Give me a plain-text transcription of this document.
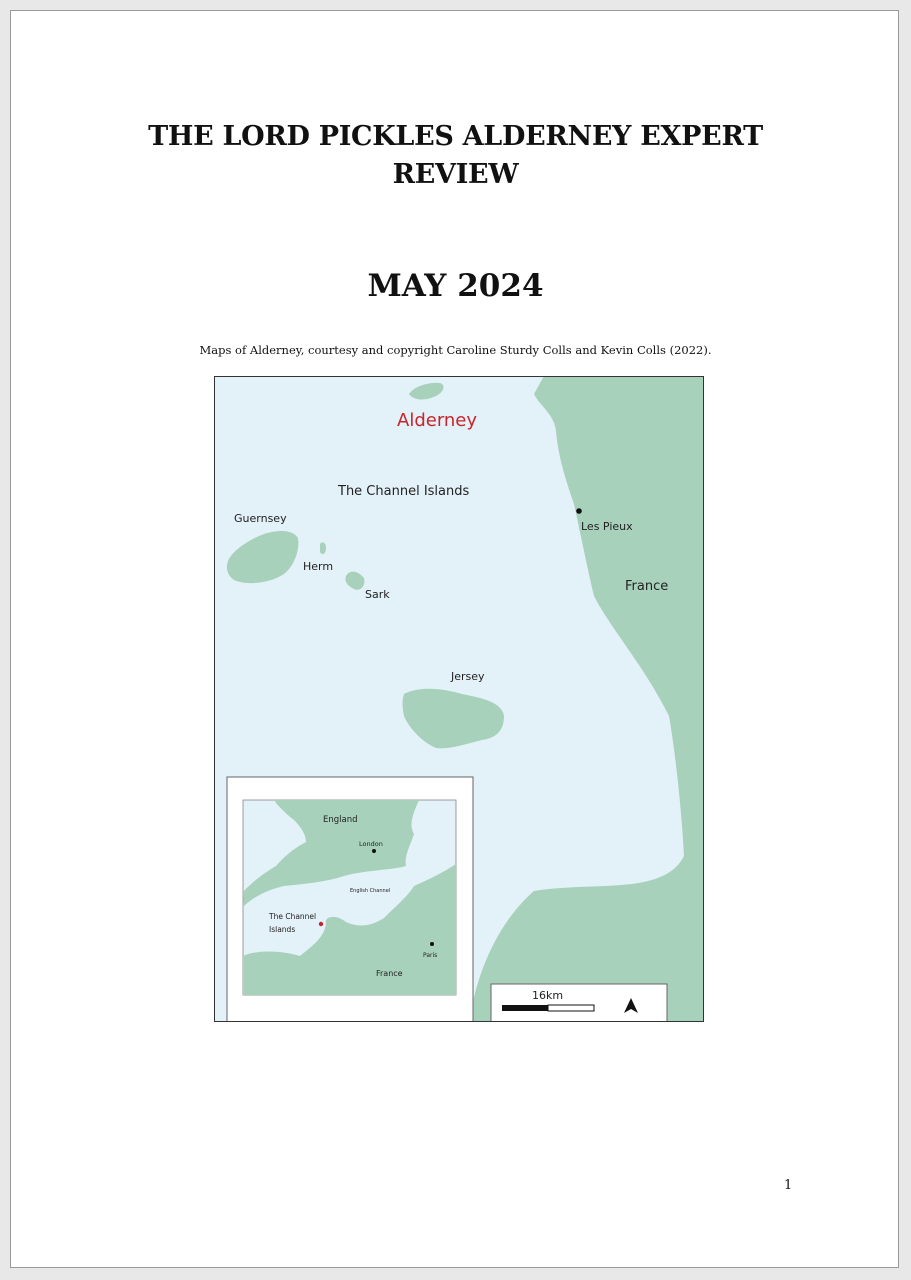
THE LORD PICKLES ALDERNEY EXPERT
REVIEW
MAY 2024
Maps of Alderney, courtesy and copyright Caroline Sturdy Colls and Kevin Colls (2022).
Alderney
The Channel Islands
Guernsey
Herm
Sark
Jersey
Les Pieux
France
England
London
English Channel
The Channel
Islands
Paris
France
16km
1
